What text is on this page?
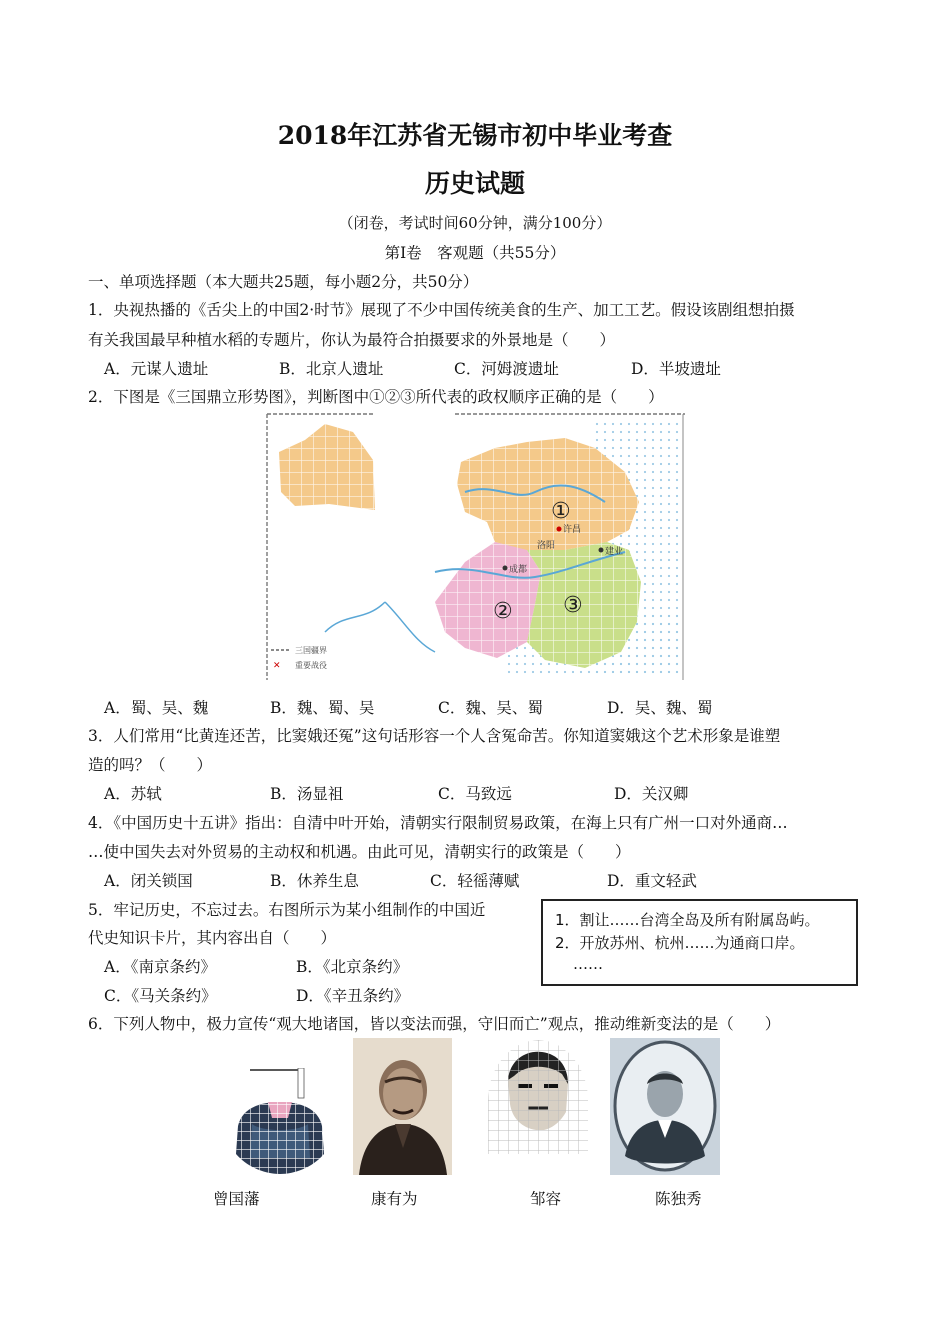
2018年江苏省无锡市初中毕业考查
历史试题
（闭卷，考试时间60分钟，满分100分）
第Ⅰ卷　客观题（共55分）
一、单项选择题（本大题共25题，每小题2分，共50分）
1．央视热播的《舌尖上的中国2·时节》展现了不少中国传统美食的生产、加工工艺。假设该剧组想拍摄
有关我国最早种植水稻的专题片，你认为最符合拍摄要求的外景地是（　　）
A．元谋人遗址	B．北京人遗址	C．河姆渡遗址	D．半坡遗址
2．下图是《三国鼎立形势图》，判断图中①②③所代表的政权顺序正确的是（　　）
①
② ③
许昌
洛阳
成都
建业
三国疆界
✕ 重要战役
A．蜀、吴、魏	B．魏、蜀、吴	C．魏、吴、蜀	D．吴、魏、蜀
3．人们常用“比黄连还苦，比窦娥还冤”这句话形容一个人含冤命苦。你知道窦娥这个艺术形象是谁塑
造的吗？（　　）
A．苏轼	B．汤显祖	C．马致远	D．关汉卿
4．《中国历史十五讲》指出：自清中叶开始，清朝实行限制贸易政策，在海上只有广州一口对外通商…
…使中国失去对外贸易的主动权和机遇。由此可见，清朝实行的政策是（　　）
A．闭关锁国	B．休养生息	C．轻徭薄赋	D．重文轻武
5．牢记历史，不忘过去。右图所示为某小组制作的中国近
代史知识卡片，其内容出自（　　）
A．《南京条约》	B．《北京条约》
C．《马关条约》	D．《辛丑条约》
1．割让……台湾全岛及所有附属岛屿。
2．开放苏州、杭州……为通商口岸。
……
6．下列人物中，极力宣传“观大地诸国，皆以变法而强，守旧而亡”观点，推动维新变法的是（　　）
曾国藩	康有为	邹容	陈独秀
